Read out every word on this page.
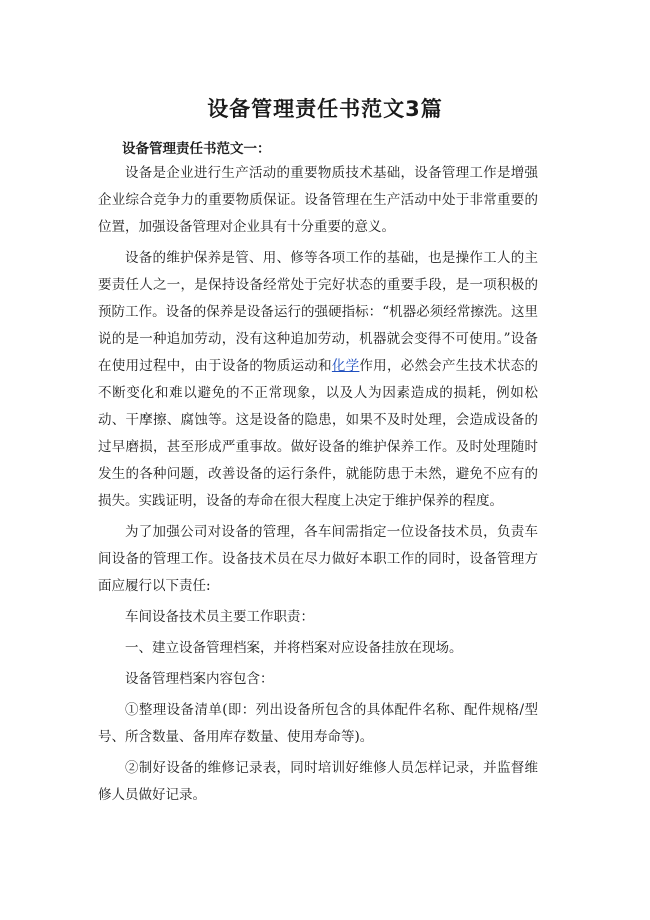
设备管理责任书范文3篇
设备管理责任书范文一：

设备是企业进行生产活动的重要物质技术基础，设备管理工作是增强企业综合竞争力的重要物质保证。设备管理在生产活动中处于非常重要的位置，加强设备管理对企业具有十分重要的意义。

设备的维护保养是管、用、修等各项工作的基础，也是操作工人的主要责任人之一，是保持设备经常处于完好状态的重要手段，是一项积极的预防工作。设备的保养是设备运行的强硬指标：“机器必须经常擦洗。这里说的是一种追加劳动，没有这种追加劳动，机器就会变得不可使用。”设备在使用过程中，由于设备的物质运动和化学作用，必然会产生技术状态的不断变化和难以避免的不正常现象，以及人为因素造成的损耗，例如松动、干摩擦、腐蚀等。这是设备的隐患，如果不及时处理，会造成设备的过早磨损，甚至形成严重事故。做好设备的维护保养工作。及时处理随时发生的各种问题，改善设备的运行条件，就能防患于未然，避免不应有的损失。实践证明，设备的寿命在很大程度上决定于维护保养的程度。

为了加强公司对设备的管理，各车间需指定一位设备技术员，负责车间设备的管理工作。设备技术员在尽力做好本职工作的同时，设备管理方面应履行以下责任:

车间设备技术员主要工作职责：

一、建立设备管理档案，并将档案对应设备挂放在现场。

设备管理档案内容包含：

①整理设备清单(即：列出设备所包含的具体配件名称、配件规格/型号、所含数量、备用库存数量、使用寿命等)。

②制好设备的维修记录表，同时培训好维修人员怎样记录，并监督维修人员做好记录。
